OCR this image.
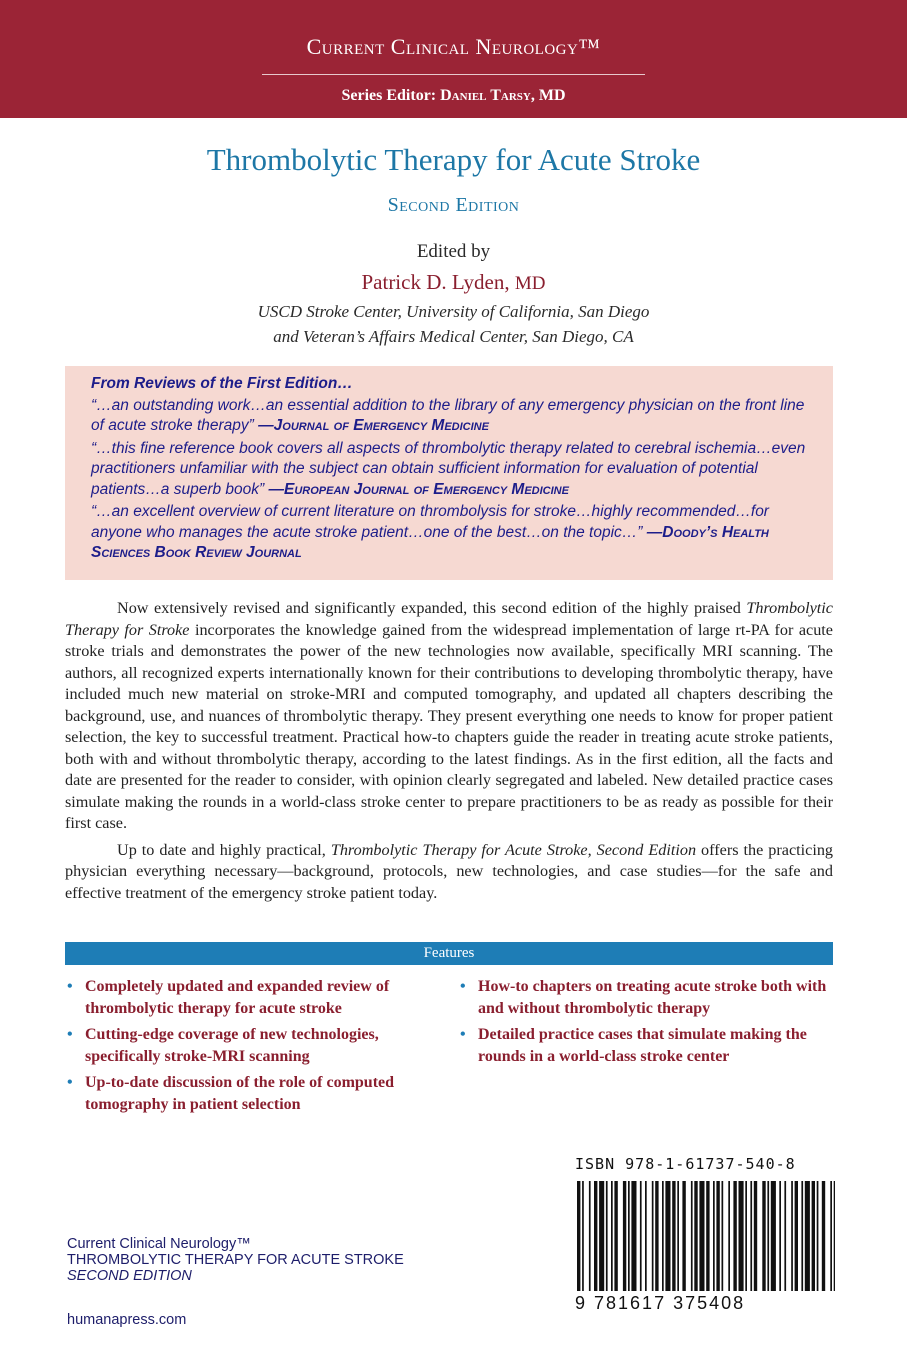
Current Clinical Neurology™
Series Editor: Daniel Tarsy, MD
Thrombolytic Therapy for Acute Stroke
Second Edition
Edited by
Patrick D. Lyden, MD
USCD Stroke Center, University of California, San Diego
and Veteran’s Affairs Medical Center, San Diego, CA
From Reviews of the First Edition…
“…an outstanding work…an essential addition to the library of any emergency physician on the front line of acute stroke therapy” —Journal of Emergency Medicine
“…this fine reference book covers all aspects of thrombolytic therapy related to cerebral ischemia…even practitioners unfamiliar with the subject can obtain sufficient information for evaluation of potential patients…a superb book” —European Journal of Emergency Medicine
“…an excellent overview of current literature on thrombolysis for stroke…highly recommended…for anyone who manages the acute stroke patient…one of the best…on the topic…” —Doody’s Health Sciences Book Review Journal

Now extensively revised and significantly expanded, this second edition of the highly praised Thrombolytic Therapy for Stroke incorporates the knowledge gained from the widespread implementation of large rt-PA for acute stroke trials and demonstrates the power of the new technologies now available, specifically MRI scanning. The authors, all recognized experts internationally known for their contributions to developing thrombolytic therapy, have included much new material on stroke-MRI and computed tomography, and updated all chapters describing the background, use, and nuances of thrombolytic therapy. They present everything one needs to know for proper patient selection, the key to successful treatment. Practical how-to chapters guide the reader in treating acute stroke patients, both with and without thrombolytic therapy, according to the latest findings. As in the first edition, all the facts and date are presented for the reader to consider, with opinion clearly segregated and labeled. New detailed practice cases simulate making the rounds in a world-class stroke center to prepare practitioners to be as ready as possible for their first case.

Up to date and highly practical, Thrombolytic Therapy for Acute Stroke, Second Edition offers the practicing physician everything necessary—background, protocols, new technologies, and case studies—for the safe and effective treatment of the emergency stroke patient today.

Features
• Completely updated and expanded review of thrombolytic therapy for acute stroke
• Cutting-edge coverage of new technologies, specifically stroke-MRI scanning
• Up-to-date discussion of the role of computed tomography in patient selection
• How-to chapters on treating acute stroke both with and without thrombolytic therapy
• Detailed practice cases that simulate making the rounds in a world-class stroke center
ISBN 978-1-61737-540-8
9 781617 375408
Current Clinical Neurology™
THROMBOLYTIC THERAPY FOR ACUTE STROKE
SECOND EDITION
humanapress.com
